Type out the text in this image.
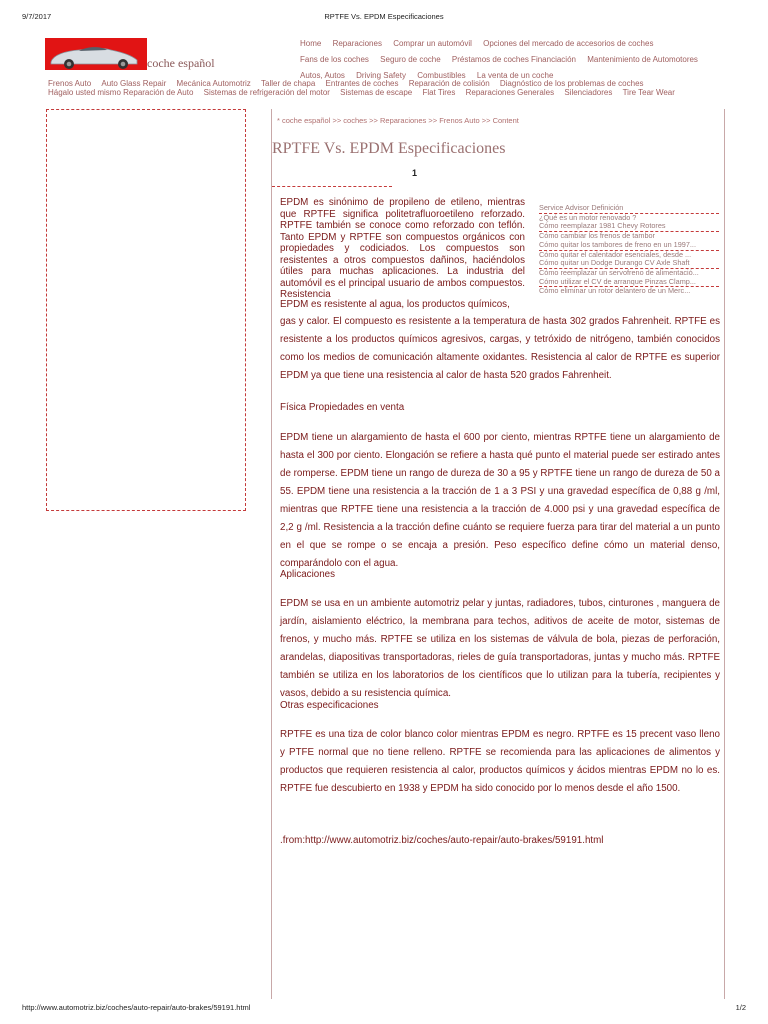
9/7/2017	RPTFE Vs. EPDM Especificaciones
coche español
Home Reparaciones Comprar un automóvil Opciones del mercado de accesorios de coches Fans de los coches Seguro de coche Préstamos de coches Financiación Mantenimiento de Automotores Autos, Autos Driving Safety Combustibles La venta de un coche
Frenos Auto Auto Glass Repair Mecánica Automotriz Taller de chapa Entrantes de coches Reparación de colisión Diagnóstico de los problemas de coches
Hágalo usted mismo Reparación de Auto Sistemas de refrigeración del motor Sistemas de escape Flat Tires Reparaciones Generales Silenciadores Tire Tear Wear
* coche español >> coches >> Reparaciones >> Frenos Auto >> Content
RPTFE Vs. EPDM Especificaciones
1

EPDM es sinónimo de propileno de etileno, mientras que RPTFE significa politetrafluoroetileno reforzado. RPTFE también se conoce como reforzado con teflón. Tanto EPDM y RPTFE son compuestos orgánicos con propiedades y codiciados. Los compuestos son resistentes a otros compuestos dañinos, haciéndolos útiles para muchas aplicaciones. La industria del automóvil es el principal usuario de ambos compuestos. Resistencia

Service Advisor Definición
¿Qué es un motor renovado ?
Cómo reemplazar 1981 Chevy Rotores
Cómo cambiar los frenos de tambor
Cómo quitar los tambores de freno en un 1997...
Cómo quitar el calentador esenciales, desde ...
Cómo quitar un Dodge Durango CV Axle Shaft
Cómo reemplazar un servofreno de alimentació...
Cómo utilizar el CV de arranque Pinzas Clamp...
Cómo eliminar un rotor delantero de un Merc...

EPDM es resistente al agua, los productos químicos,

gas y calor. El compuesto es resistente a la temperatura de hasta 302 grados Fahrenheit. RPTFE es resistente a los productos químicos agresivos, cargas, y tetróxido de nitrógeno, también conocidos como los medios de comunicación altamente oxidantes. Resistencia al calor de RPTFE es superior EPDM ya que tiene una resistencia al calor de hasta 520 grados Fahrenheit.

Física Propiedades en venta

EPDM tiene un alargamiento de hasta el 600 por ciento, mientras RPTFE tiene un alargamiento de hasta el 300 por ciento. Elongación se refiere a hasta qué punto el material puede ser estirado antes de romperse. EPDM tiene un rango de dureza de 30 a 95 y RPTFE tiene un rango de dureza de 50 a 55. EPDM tiene una resistencia a la tracción de 1 a 3 PSI y una gravedad específica de 0,88 g /ml, mientras que RPTFE tiene una resistencia a la tracción de 4.000 psi y una gravedad específica de 2,2 g /ml. Resistencia a la tracción define cuánto se requiere fuerza para tirar del material a un punto en el que se rompe o se encaja a presión. Peso específico define cómo un material denso, comparándolo con el agua.

Aplicaciones

EPDM se usa en un ambiente automotriz pelar y juntas, radiadores, tubos, cinturones , manguera de jardín, aislamiento eléctrico, la membrana para techos, aditivos de aceite de motor, sistemas de frenos, y mucho más. RPTFE se utiliza en los sistemas de válvula de bola, piezas de perforación, arandelas, diapositivas transportadoras, rieles de guía transportadoras, juntas y mucho más. RPTFE también se utiliza en los laboratorios de los científicos que lo utilizan para la tubería, recipientes y vasos, debido a su resistencia química.

Otras especificaciones

RPTFE es una tiza de color blanco color mientras EPDM es negro. RPTFE es 15 precent vaso lleno y PTFE normal que no tiene relleno. RPTFE se recomienda para las aplicaciones de alimentos y productos que requieren resistencia al calor, productos químicos y ácidos mientras EPDM no lo es. RPTFE fue descubierto en 1938 y EPDM ha sido conocido por lo menos desde el año 1500.

.from:http://www.automotriz.biz/coches/auto-repair/auto-brakes/59191.html

http://www.automotriz.biz/coches/auto-repair/auto-brakes/59191.html	1/2
